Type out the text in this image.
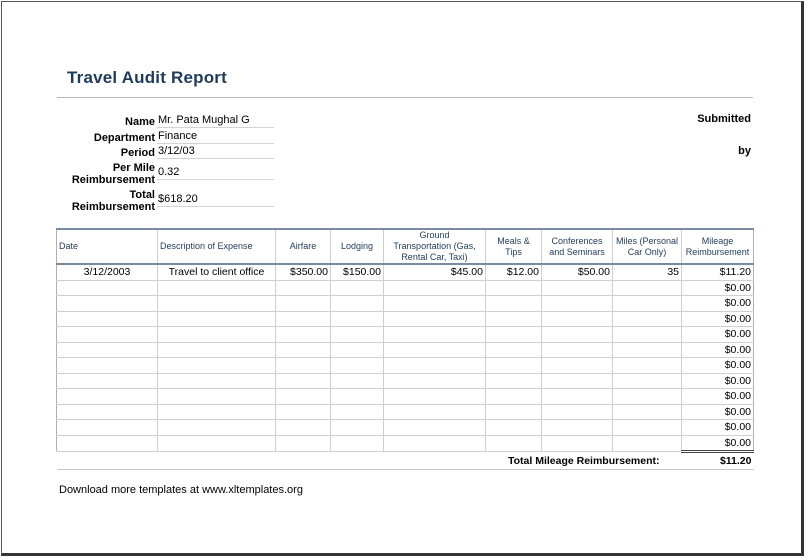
Travel Audit Report
Name Mr. Pata Mughal G
Department Finance
Period 3/12/03
Per Mile
Reimbursement
0.32
Total
Reimbursement
$618.20
Submitted
by
Date	Description of Expense	Airfare	Lodging	Ground
Transportation (Gas,
Rental Car, Taxi)	Meals &
Tips	Conferences
and Seminars	Miles (Personal
Car Only)	Mileage
Reimbursement
3/12/2003	Travel to client office	$350.00	$150.00	$45.00	$12.00	$50.00	35	$11.20
								$0.00
								$0.00
								$0.00
								$0.00
								$0.00
								$0.00
								$0.00
								$0.00
								$0.00
								$0.00
								$0.00
					Total Mileage Reimbursement:			$11.20
Download more templates at www.xltemplates.org
